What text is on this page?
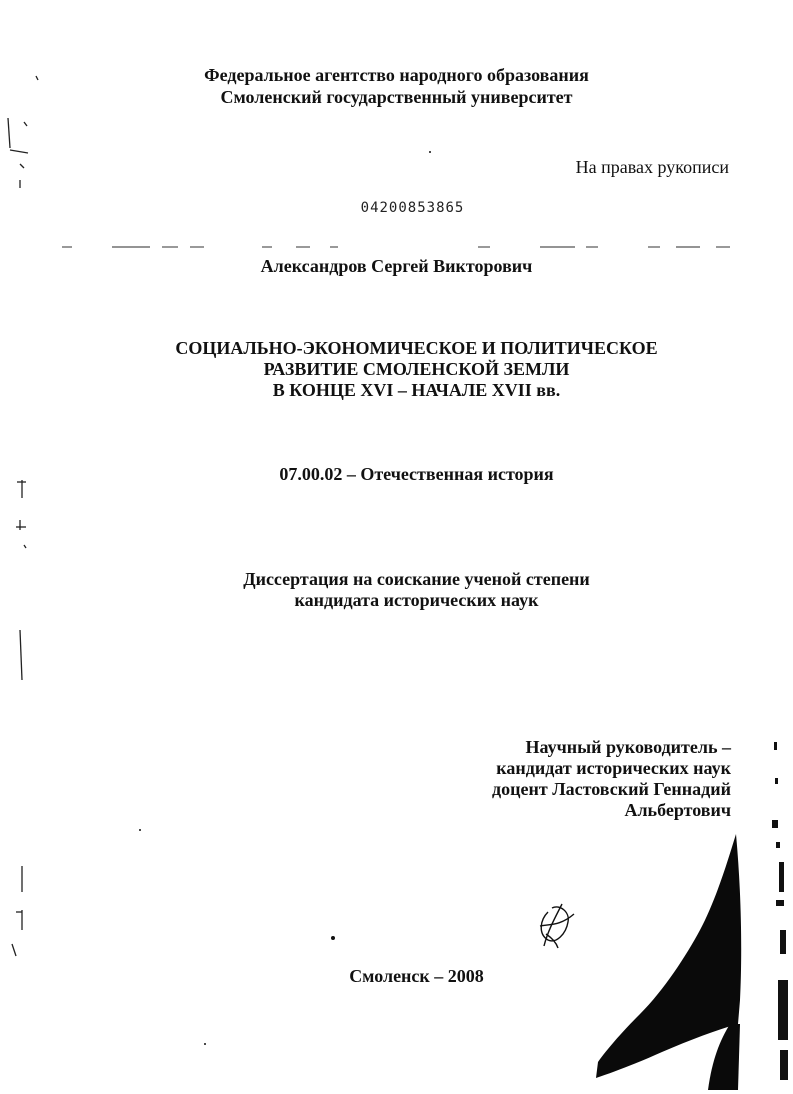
Федеральное агентство народного образования
Смоленский государственный университет
На правах рукописи
04200853865
Александров Сергей Викторович
СОЦИАЛЬНО-ЭКОНОМИЧЕСКОЕ И ПОЛИТИЧЕСКОЕ
РАЗВИТИЕ СМОЛЕНСКОЙ ЗЕМЛИ
В КОНЦЕ XVI – НАЧАЛЕ XVII вв.
07.00.02 – Отечественная история
Диссертация на соискание ученой степени
кандидата исторических наук
Научный руководитель –
кандидат исторических наук
доцент Ластовский Геннадий
Альбертович
Смоленск – 2008
